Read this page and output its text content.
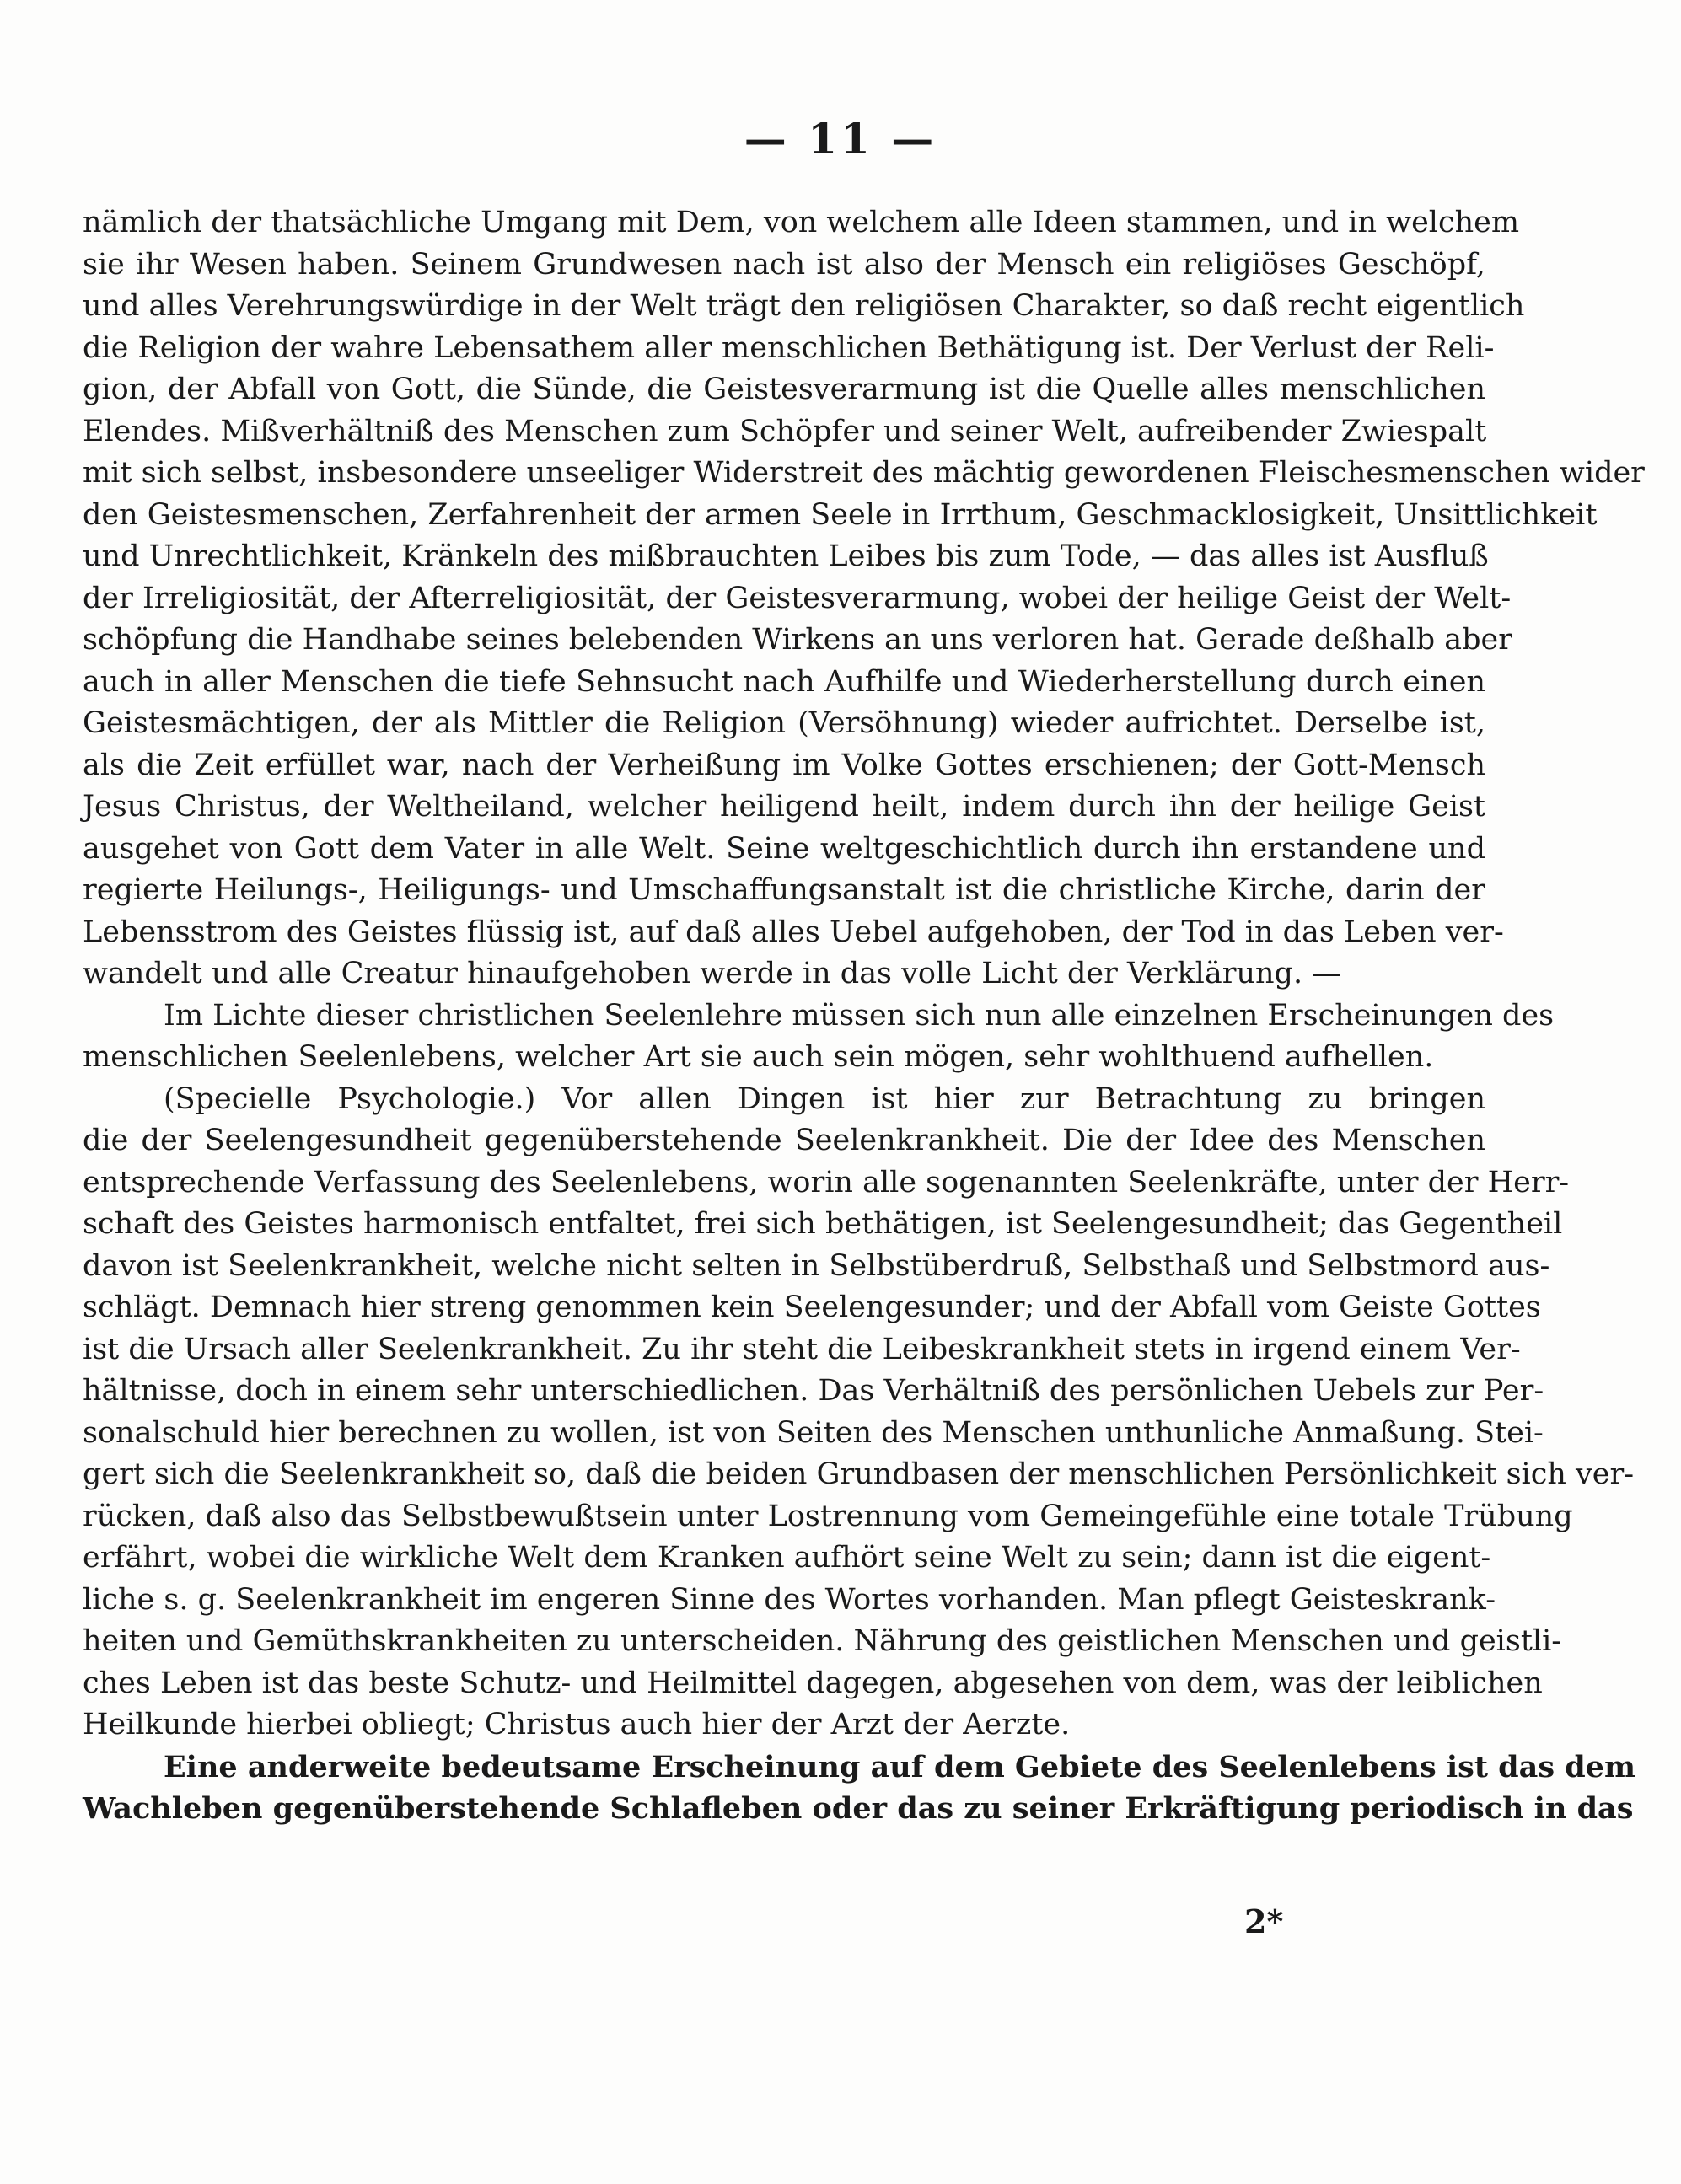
— 11 —
nämlich der thatsächliche Umgang mit Dem, von welchem alle Ideen stammen, und in welchem
sie ihr Wesen haben. Seinem Grundwesen nach ist also der Mensch ein religiöses Geschöpf,
und alles Verehrungswürdige in der Welt trägt den religiösen Charakter, so daß recht eigentlich
die Religion der wahre Lebensathem aller menschlichen Bethätigung ist. Der Verlust der Reli-
gion, der Abfall von Gott, die Sünde, die Geistesverarmung ist die Quelle alles menschlichen
Elendes. Mißverhältniß des Menschen zum Schöpfer und seiner Welt, aufreibender Zwiespalt
mit sich selbst, insbesondere unseeliger Widerstreit des mächtig gewordenen Fleischesmenschen wider
den Geistesmenschen, Zerfahrenheit der armen Seele in Irrthum, Geschmacklosigkeit, Unsittlichkeit
und Unrechtlichkeit, Kränkeln des mißbrauchten Leibes bis zum Tode, — das alles ist Ausfluß
der Irreligiosität, der Afterreligiosität, der Geistesverarmung, wobei der heilige Geist der Welt-
schöpfung die Handhabe seines belebenden Wirkens an uns verloren hat. Gerade deßhalb aber
auch in aller Menschen die tiefe Sehnsucht nach Aufhilfe und Wiederherstellung durch einen
Geistesmächtigen, der als Mittler die Religion (Versöhnung) wieder aufrichtet. Derselbe ist,
als die Zeit erfüllet war, nach der Verheißung im Volke Gottes erschienen; der Gott-Mensch
Jesus Christus, der Weltheiland, welcher heiligend heilt, indem durch ihn der heilige Geist
ausgehet von Gott dem Vater in alle Welt. Seine weltgeschichtlich durch ihn erstandene und
regierte Heilungs-, Heiligungs- und Umschaffungsanstalt ist die christliche Kirche, darin der
Lebensstrom des Geistes flüssig ist, auf daß alles Uebel aufgehoben, der Tod in das Leben ver-
wandelt und alle Creatur hinaufgehoben werde in das volle Licht der Verklärung. —
Im Lichte dieser christlichen Seelenlehre müssen sich nun alle einzelnen Erscheinungen des
menschlichen Seelenlebens, welcher Art sie auch sein mögen, sehr wohlthuend aufhellen.
(Specielle Psychologie.) Vor allen Dingen ist hier zur Betrachtung zu bringen
die der Seelengesundheit gegenüberstehende Seelenkrankheit. Die der Idee des Menschen
entsprechende Verfassung des Seelenlebens, worin alle sogenannten Seelenkräfte, unter der Herr-
schaft des Geistes harmonisch entfaltet, frei sich bethätigen, ist Seelengesundheit; das Gegentheil
davon ist Seelenkrankheit, welche nicht selten in Selbstüberdruß, Selbsthaß und Selbstmord aus-
schlägt. Demnach hier streng genommen kein Seelengesunder; und der Abfall vom Geiste Gottes
ist die Ursach aller Seelenkrankheit. Zu ihr steht die Leibeskrankheit stets in irgend einem Ver-
hältnisse, doch in einem sehr unterschiedlichen. Das Verhältniß des persönlichen Uebels zur Per-
sonalschuld hier berechnen zu wollen, ist von Seiten des Menschen unthunliche Anmaßung. Stei-
gert sich die Seelenkrankheit so, daß die beiden Grundbasen der menschlichen Persönlichkeit sich ver-
rücken, daß also das Selbstbewußtsein unter Lostrennung vom Gemeingefühle eine totale Trübung
erfährt, wobei die wirkliche Welt dem Kranken aufhört seine Welt zu sein; dann ist die eigent-
liche s. g. Seelenkrankheit im engeren Sinne des Wortes vorhanden. Man pflegt Geisteskrank-
heiten und Gemüthskrankheiten zu unterscheiden. Nährung des geistlichen Menschen und geistli-
ches Leben ist das beste Schutz- und Heilmittel dagegen, abgesehen von dem, was der leiblichen
Heilkunde hierbei obliegt; Christus auch hier der Arzt der Aerzte.
Eine anderweite bedeutsame Erscheinung auf dem Gebiete des Seelenlebens ist das dem
Wachleben gegenüberstehende Schlafleben oder das zu seiner Erkräftigung periodisch in das
2*
